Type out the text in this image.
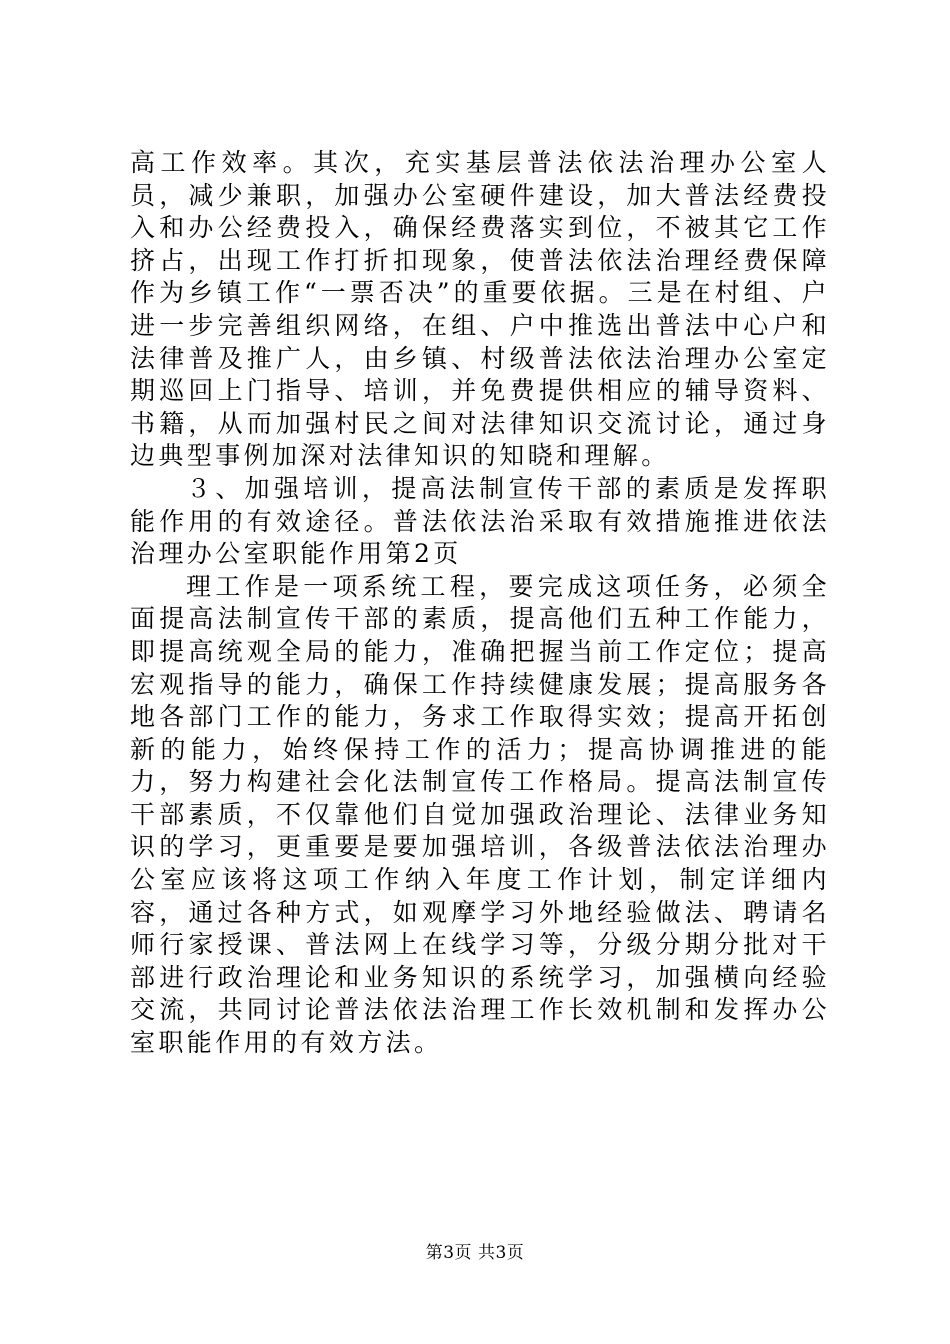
高工作效率。其次，充实基层普法依法治理办公室人员，减少兼职，加强办公室硬件建设，加大普法经费投入和办公经费投入，确保经费落实到位，不被其它工作挤占，出现工作打折扣现象，使普法依法治理经费保障作为乡镇工作“一票否决”的重要依据。三是在村组、户进一步完善组织网络，在组、户中推选出普法中心户和法律普及推广人，由乡镇、村级普法依法治理办公室定期巡回上门指导、培训，并免费提供相应的辅导资料、书籍，从而加强村民之间对法律知识交流讨论，通过身边典型事例加深对法律知识的知晓和理解。

３、加强培训，提高法制宣传干部的素质是发挥职能作用的有效途径。普法依法治采取有效措施推进依法治理办公室职能作用第2页

理工作是一项系统工程，要完成这项任务，必须全面提高法制宣传干部的素质，提高他们五种工作能力，即提高统观全局的能力，准确把握当前工作定位；提高宏观指导的能力，确保工作持续健康发展；提高服务各地各部门工作的能力，务求工作取得实效；提高开拓创新的能力，始终保持工作的活力；提高协调推进的能力，努力构建社会化法制宣传工作格局。提高法制宣传干部素质，不仅靠他们自觉加强政治理论、法律业务知识的学习，更重要是要加强培训，各级普法依法治理办公室应该将这项工作纳入年度工作计划，制定详细内容，通过各种方式，如观摩学习外地经验做法、聘请名师行家授课、普法网上在线学习等，分级分期分批对干部进行政治理论和业务知识的系统学习，加强横向经验交流，共同讨论普法依法治理工作长效机制和发挥办公室职能作用的有效方法。

第3页 共3页
